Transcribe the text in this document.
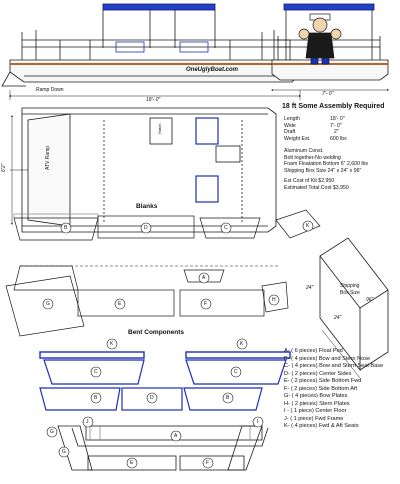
OneUglyBoat.com
Ramp Down
18'- 0"
7'- 0"
ATV Ramp
6'2"
Hatch
18 ft Some Assembly Required
Length	18'- 0"
Wide	7'- 0"
Draft	2"
Weight Est.	600 lbs
Aluminum Const.
Bolt together-No welding
Foam Floatation Bottom 6" 2,600 lbs
Shipping Box Size 24" x 24" x 96"
Est Cost of Kit $2,950
Estimated Total Cost $3,950
Blanks
B	D	C	K
G	E
A
F
H
Shipping
Box Size
24"
96"
24"
Bent Components
K	K
C	C
B	D	B
G
I
J
A
E	F
G
A- ( 6 pieces) Float Pod
B- ( 4 pieces) Bow and Stern Nose
C- ( 4 pieces) Bow and Stern Seat Base
D- ( 2 pieces) Center Sides
E- ( 2 pieces) Side Bottom Fwd
F- ( 2 pieces) Side Bottom Aft
G- ( 4 pieces) Bow Plates
H- ( 2 pieces) Stern Plates
I - ( 1 piece) Center Floor
J- ( 1 piece) Fwd Frame
K- ( 4 pieces) Fwd & Aft Seats
